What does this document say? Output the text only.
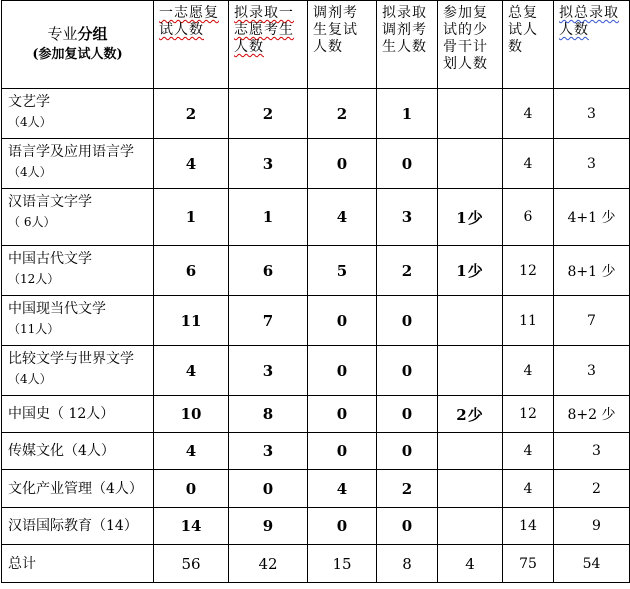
专业分组
(参加复试人数)	一志愿复试人数	拟录取一志愿考生人数	调剂考生复试人数	拟录取调剂考生人数	参加复试的少骨干计划人数	总复试人数	拟总录取人数
文艺学
（4人）	2	2	2	1		4	3
语言学及应用语言学
（4人）	4	3	0	0		4	3
汉语言文字学
（ 6人）	1	1	4	3	1少	6	4+1 少
中国古代文学
（12人）	6	6	5	2	1少	12	8+1 少
中国现当代文学
（11人）	11	7	0	0		11	7
比较文学与世界文学
（4人）	4	3	0	0		4	3
中国史（ 12人）	10	8	0	0	2少	12	8+2 少
传媒文化（4人）	4	3	0	0		4	3
文化产业管理（4人）	0	0	4	2		4	2
汉语国际教育（14）	14	9	0	0		14	9
总计	56	42	15	8	4	75	54
